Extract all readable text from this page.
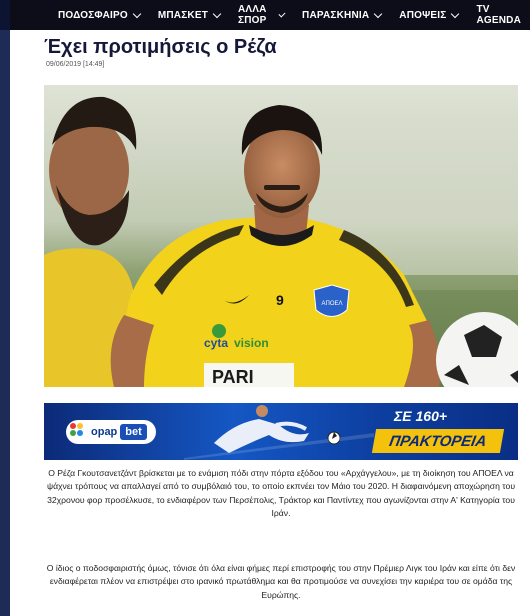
ΠΟΔΟΣΦΑΙΡΟ	ΜΠΑΣΚΕΤ	ΑΛΛΑ ΣΠΟΡ	ΠΑΡΑΣΚΗΝΙΑ	ΑΠΟΨΕΙΣ	TV AGENDA
Έχει προτιμήσεις ο Ρέζα
09/06/2019 [14:49]
ΑΠΟΕΛ
9
cyta vision
PARI
opap bet
ΣΕ 160+
ΠΡΑΚΤΟΡΕΙΑ

Ο Ρέζα Γκουτσανετζάντ βρίσκεται με το ενάμιση πόδι στην πόρτα εξόδου του «Αρχάγγελου», με τη διοίκηση του ΑΠΟΕΛ να ψάχνει τρόπους να απαλλαγεί από το συμβόλαιό του, το οποίο εκπνέει τον Μάιο του 2020. Η διαφαινόμενη αποχώρηση του 32χρονου φορ προσέλκυσε, το ενδιαφέρον των Περσέπολις, Τράκτορ και Παντίντεχ που αγωνίζονται στην Α' Κατηγορία του Ιράν.

Ο ίδιος ο ποδοσφαιριστής όμως, τόνισε ότι όλα είναι φήμες περί επιστροφής του στην Πρέμιερ Λιγκ του Ιράν και είπε ότι δεν ενδιαφέρεται πλέον να επιστρέψει στο ιρανικό πρωτάθλημα και θα προτιμούσε να συνεχίσει την καριέρα του σε ομάδα της Ευρώπης.
